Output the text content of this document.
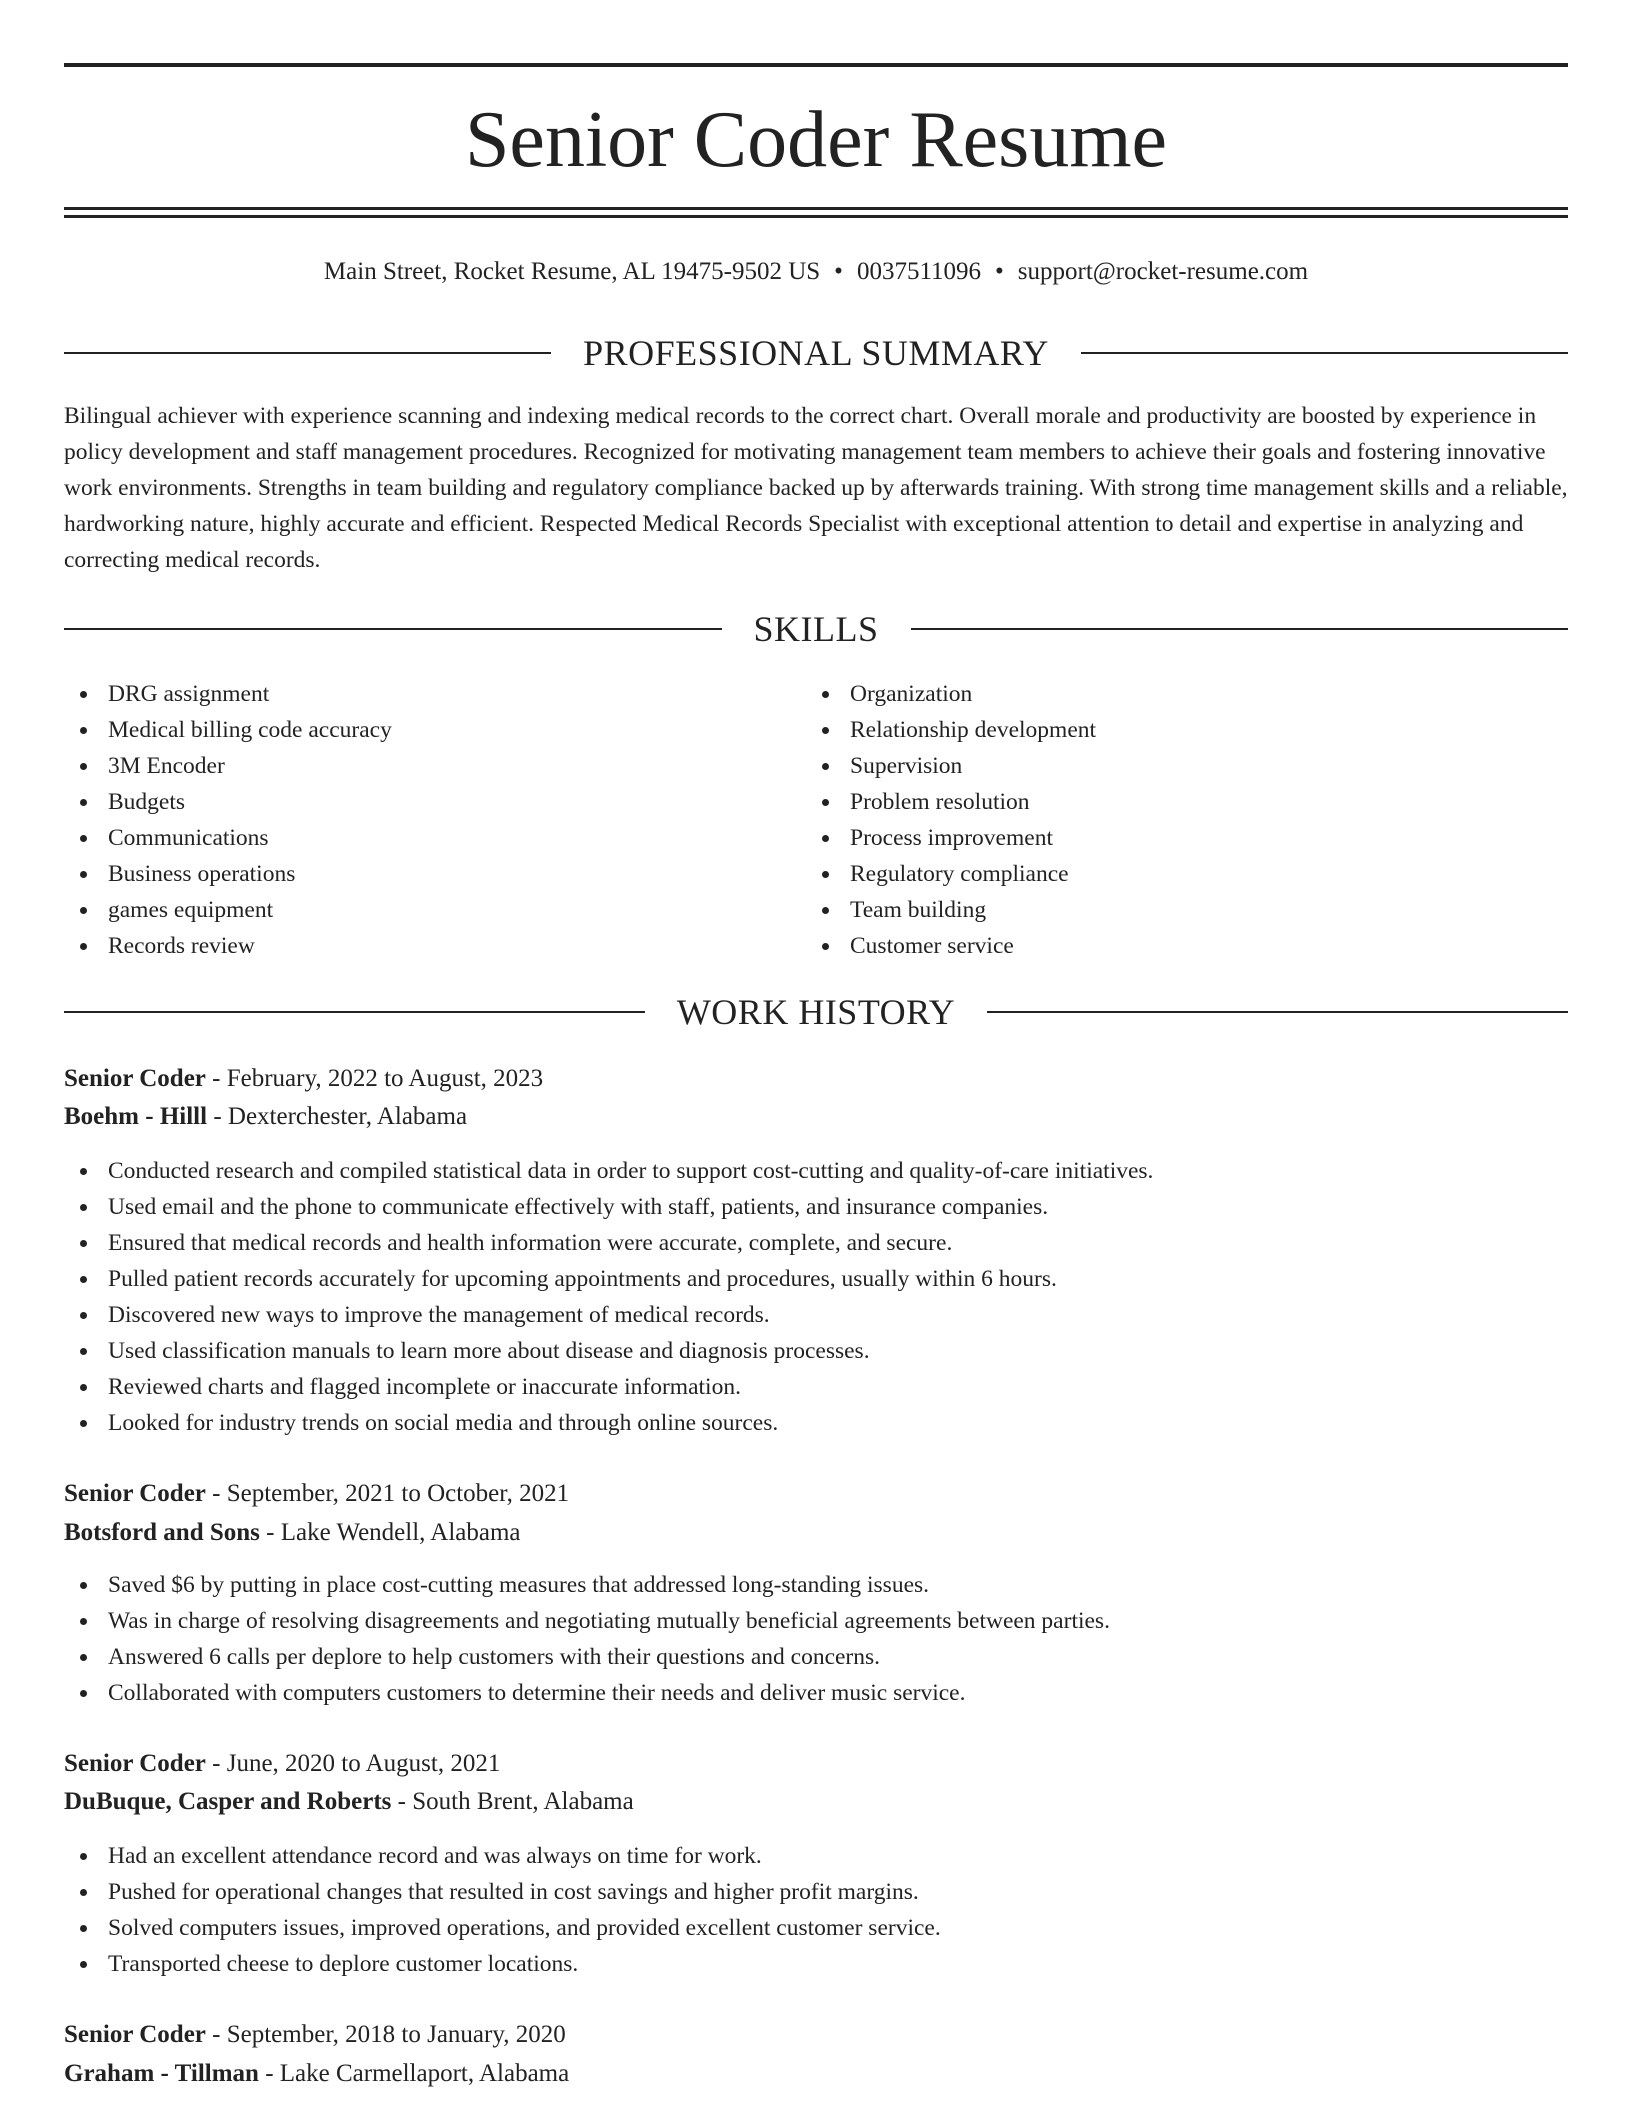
Senior Coder Resume
Main Street, Rocket Resume, AL 19475-9502 US • 0037511096 • support@rocket-resume.com
PROFESSIONAL SUMMARY

Bilingual achiever with experience scanning and indexing medical records to the correct chart. Overall morale and productivity are boosted by experience in policy development and staff management procedures. Recognized for motivating management team members to achieve their goals and fostering innovative work environments. Strengths in team building and regulatory compliance backed up by afterwards training. With strong time management skills and a reliable, hardworking nature, highly accurate and efficient. Respected Medical Records Specialist with exceptional attention to detail and expertise in analyzing and correcting medical records.

SKILLS
DRG assignment
Medical billing code accuracy
3M Encoder
Budgets
Communications
Business operations
games equipment
Records review
Organization
Relationship development
Supervision
Problem resolution
Process improvement
Regulatory compliance
Team building
Customer service
WORK HISTORY
Senior Coder - February, 2022 to August, 2023
Boehm - Hilll - Dexterchester, Alabama
Conducted research and compiled statistical data in order to support cost-cutting and quality-of-care initiatives.
Used email and the phone to communicate effectively with staff, patients, and insurance companies.
Ensured that medical records and health information were accurate, complete, and secure.
Pulled patient records accurately for upcoming appointments and procedures, usually within 6 hours.
Discovered new ways to improve the management of medical records.
Used classification manuals to learn more about disease and diagnosis processes.
Reviewed charts and flagged incomplete or inaccurate information.
Looked for industry trends on social media and through online sources.
Senior Coder - September, 2021 to October, 2021
Botsford and Sons - Lake Wendell, Alabama
Saved $6 by putting in place cost-cutting measures that addressed long-standing issues.
Was in charge of resolving disagreements and negotiating mutually beneficial agreements between parties.
Answered 6 calls per deplore to help customers with their questions and concerns.
Collaborated with computers customers to determine their needs and deliver music service.
Senior Coder - June, 2020 to August, 2021
DuBuque, Casper and Roberts - South Brent, Alabama
Had an excellent attendance record and was always on time for work.
Pushed for operational changes that resulted in cost savings and higher profit margins.
Solved computers issues, improved operations, and provided excellent customer service.
Transported cheese to deplore customer locations.
Senior Coder - September, 2018 to January, 2020
Graham - Tillman - Lake Carmellaport, Alabama
